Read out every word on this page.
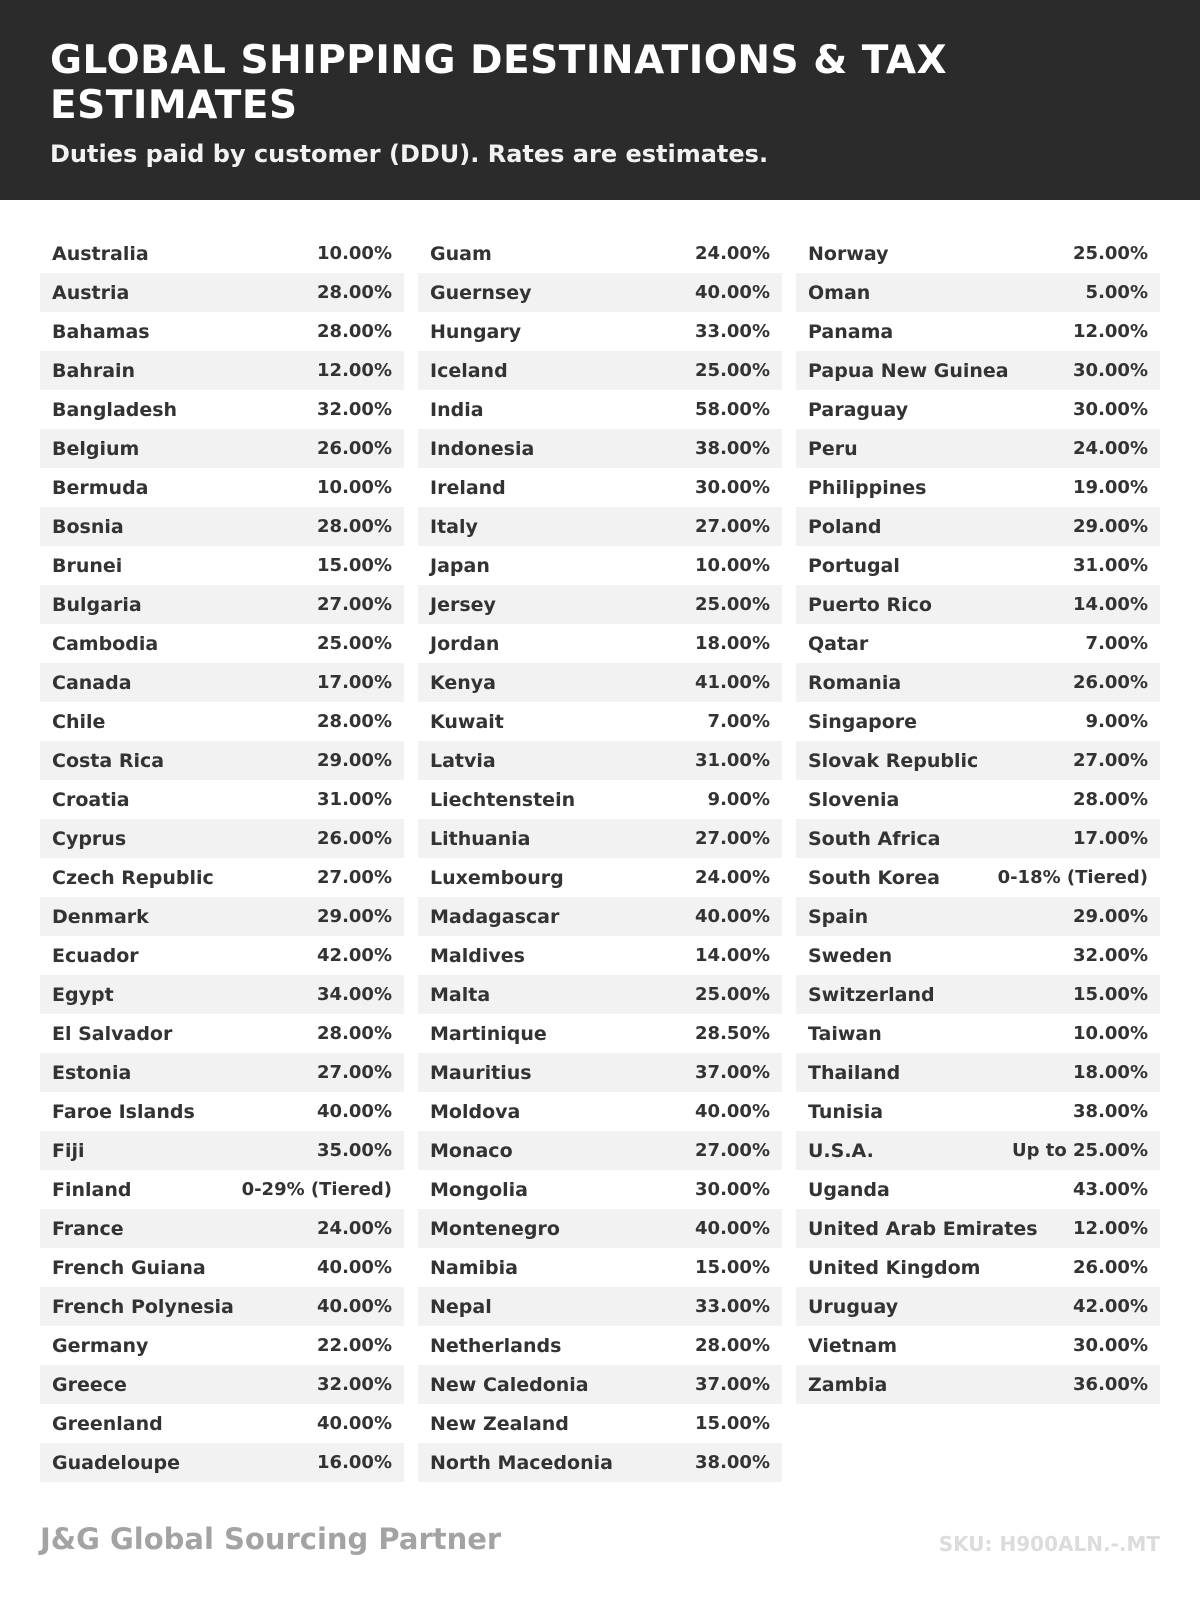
GLOBAL SHIPPING DESTINATIONS & TAX ESTIMATES
Duties paid by customer (DDU). Rates are estimates.
Australia	10.00%
Austria	28.00%
Bahamas	28.00%
Bahrain	12.00%
Bangladesh	32.00%
Belgium	26.00%
Bermuda	10.00%
Bosnia	28.00%
Brunei	15.00%
Bulgaria	27.00%
Cambodia	25.00%
Canada	17.00%
Chile	28.00%
Costa Rica	29.00%
Croatia	31.00%
Cyprus	26.00%
Czech Republic	27.00%
Denmark	29.00%
Ecuador	42.00%
Egypt	34.00%
El Salvador	28.00%
Estonia	27.00%
Faroe Islands	40.00%
Fiji	35.00%
Finland	0-29% (Tiered)
France	24.00%
French Guiana	40.00%
French Polynesia	40.00%
Germany	22.00%
Greece	32.00%
Greenland	40.00%
Guadeloupe	16.00%
Guam	24.00%
Guernsey	40.00%
Hungary	33.00%
Iceland	25.00%
India	58.00%
Indonesia	38.00%
Ireland	30.00%
Italy	27.00%
Japan	10.00%
Jersey	25.00%
Jordan	18.00%
Kenya	41.00%
Kuwait	7.00%
Latvia	31.00%
Liechtenstein	9.00%
Lithuania	27.00%
Luxembourg	24.00%
Madagascar	40.00%
Maldives	14.00%
Malta	25.00%
Martinique	28.50%
Mauritius	37.00%
Moldova	40.00%
Monaco	27.00%
Mongolia	30.00%
Montenegro	40.00%
Namibia	15.00%
Nepal	33.00%
Netherlands	28.00%
New Caledonia	37.00%
New Zealand	15.00%
North Macedonia	38.00%
Norway	25.00%
Oman	5.00%
Panama	12.00%
Papua New Guinea	30.00%
Paraguay	30.00%
Peru	24.00%
Philippines	19.00%
Poland	29.00%
Portugal	31.00%
Puerto Rico	14.00%
Qatar	7.00%
Romania	26.00%
Singapore	9.00%
Slovak Republic	27.00%
Slovenia	28.00%
South Africa	17.00%
South Korea	0-18% (Tiered)
Spain	29.00%
Sweden	32.00%
Switzerland	15.00%
Taiwan	10.00%
Thailand	18.00%
Tunisia	38.00%
U.S.A.	Up to 25.00%
Uganda	43.00%
United Arab Emirates 12.00%
United Kingdom	26.00%
Uruguay	42.00%
Vietnam	30.00%
Zambia	36.00%
J&G Global Sourcing Partner	SKU: H900ALN.-.MT
